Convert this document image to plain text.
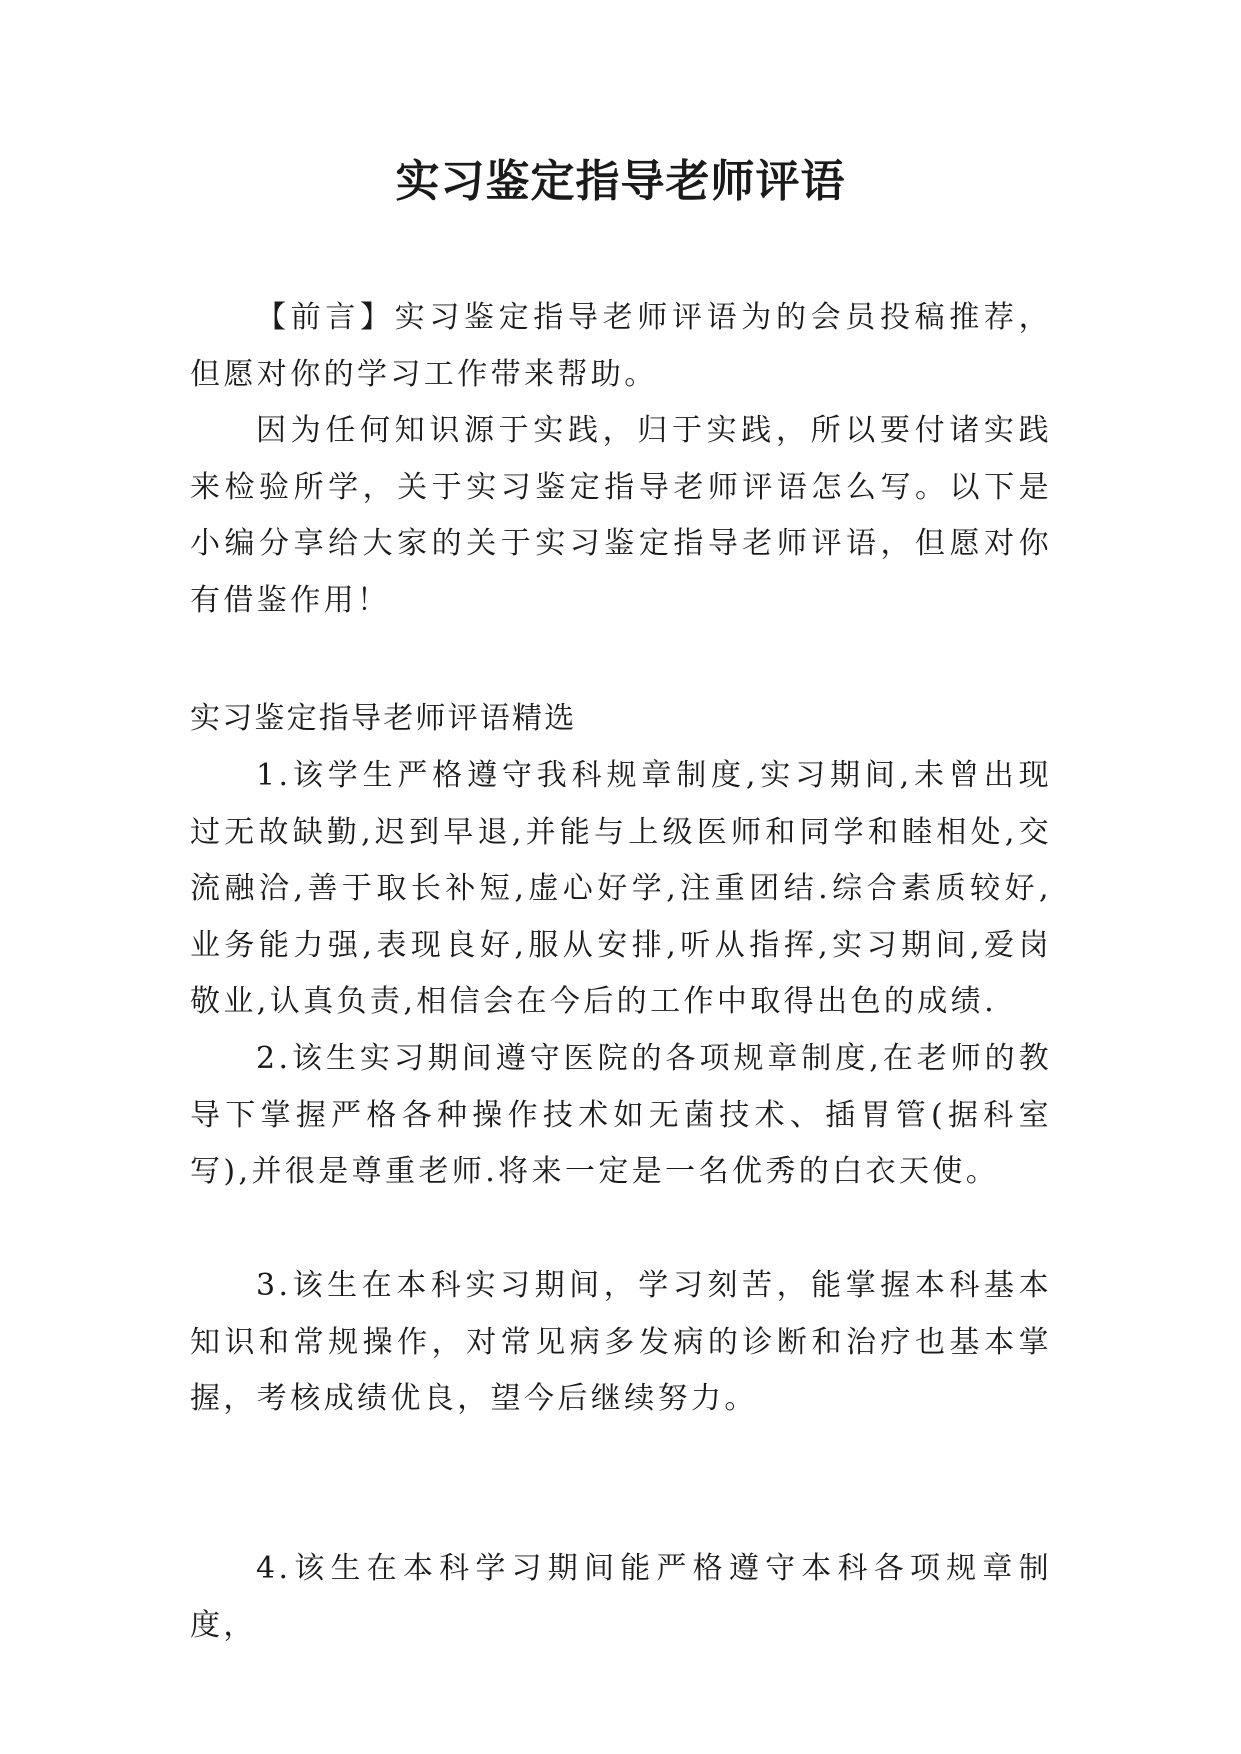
实习鉴定指导老师评语

【前言】实习鉴定指导老师评语为的会员投稿推荐，但愿对你的学习工作带来帮助。

因为任何知识源于实践，归于实践，所以要付诸实践来检验所学，关于实习鉴定指导老师评语怎么写。以下是小编分享给大家的关于实习鉴定指导老师评语，但愿对你有借鉴作用！

实习鉴定指导老师评语精选

1.该学生严格遵守我科规章制度,实习期间,未曾出现过无故缺勤,迟到早退,并能与上级医师和同学和睦相处,交流融洽,善于取长补短,虚心好学,注重团结.综合素质较好,业务能力强,表现良好,服从安排,听从指挥,实习期间,爱岗敬业,认真负责,相信会在今后的工作中取得出色的成绩.

2.该生实习期间遵守医院的各项规章制度,在老师的教导下掌握严格各种操作技术如无菌技术、插胃管(据科室写),并很是尊重老师.将来一定是一名优秀的白衣天使。

3.该生在本科实习期间，学习刻苦，能掌握本科基本知识和常规操作，对常见病多发病的诊断和治疗也基本掌握，考核成绩优良，望今后继续努力。

4.该生在本科学习期间能严格遵守本科各项规章制度，
